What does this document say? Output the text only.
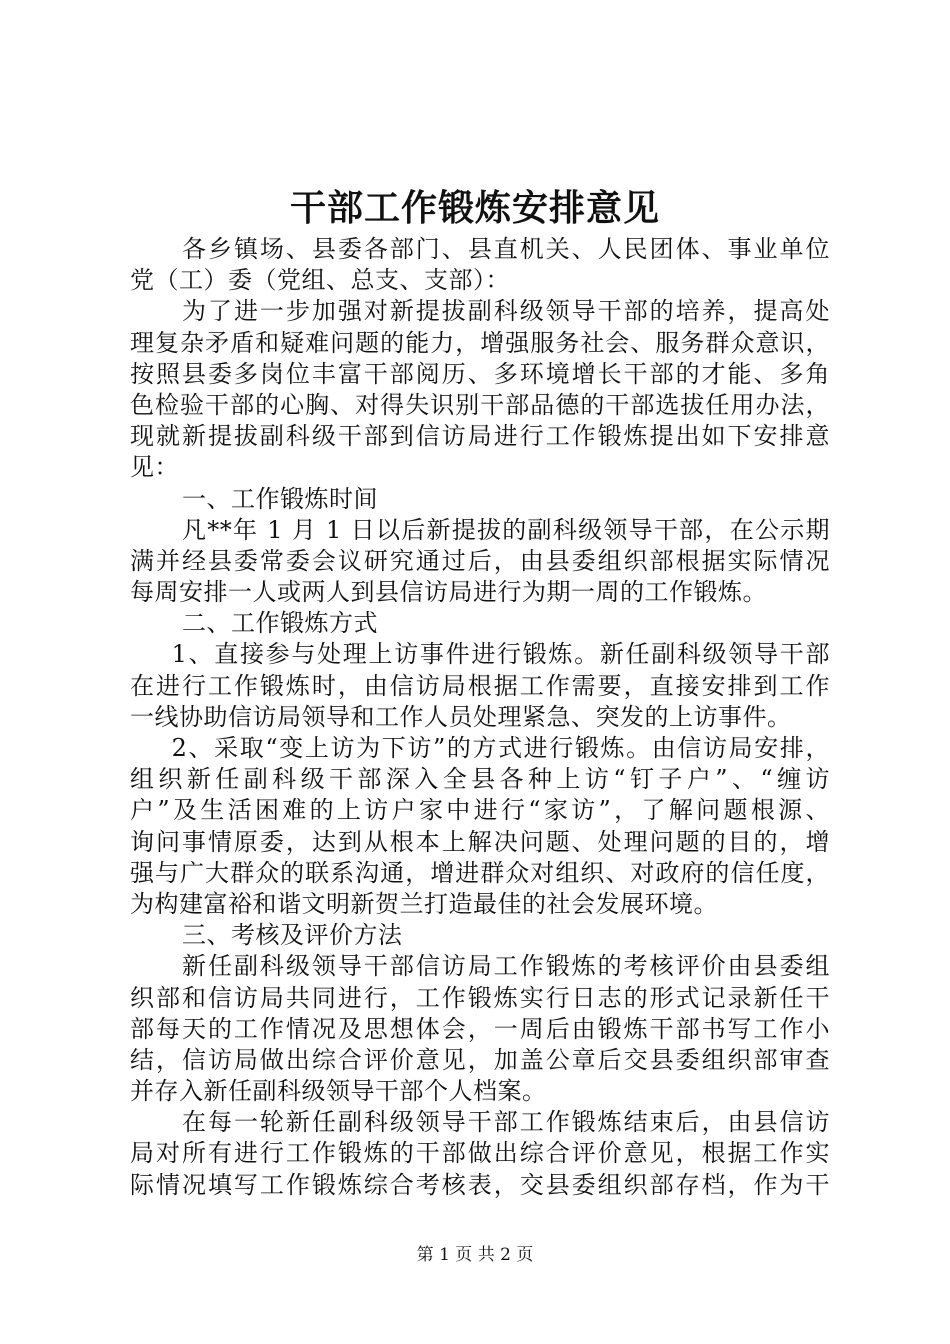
干部工作锻炼安排意见
各乡镇场、县委各部门、县直机关、人民团体、事业单位
党（工）委（党组、总支、支部）：
为了进一步加强对新提拔副科级领导干部的培养，提高处
理复杂矛盾和疑难问题的能力，增强服务社会、服务群众意识，
按照县委多岗位丰富干部阅历、多环境增长干部的才能、多角
色检验干部的心胸、对得失识别干部品德的干部选拔任用办法，
现就新提拔副科级干部到信访局进行工作锻炼提出如下安排意
见：
一、工作锻炼时间
凡**年 1 月 1 日以后新提拔的副科级领导干部，在公示期
满并经县委常委会议研究通过后，由县委组织部根据实际情况
每周安排一人或两人到县信访局进行为期一周的工作锻炼。
二、工作锻炼方式
1、直接参与处理上访事件进行锻炼。新任副科级领导干部
在进行工作锻炼时，由信访局根据工作需要，直接安排到工作
一线协助信访局领导和工作人员处理紧急、突发的上访事件。
2、采取“变上访为下访”的方式进行锻炼。由信访局安排，
组织新任副科级干部深入全县各种上访“钉子户”、“缠访
户”及生活困难的上访户家中进行“家访”，了解问题根源、
询问事情原委，达到从根本上解决问题、处理问题的目的，增
强与广大群众的联系沟通，增进群众对组织、对政府的信任度，
为构建富裕和谐文明新贺兰打造最佳的社会发展环境。
三、考核及评价方法
新任副科级领导干部信访局工作锻炼的考核评价由县委组
织部和信访局共同进行，工作锻炼实行日志的形式记录新任干
部每天的工作情况及思想体会，一周后由锻炼干部书写工作小
结，信访局做出综合评价意见，加盖公章后交县委组织部审查
并存入新任副科级领导干部个人档案。
在每一轮新任副科级领导干部工作锻炼结束后，由县信访
局对所有进行工作锻炼的干部做出综合评价意见，根据工作实
际情况填写工作锻炼综合考核表，交县委组织部存档，作为干
第 1 页 共 2 页
